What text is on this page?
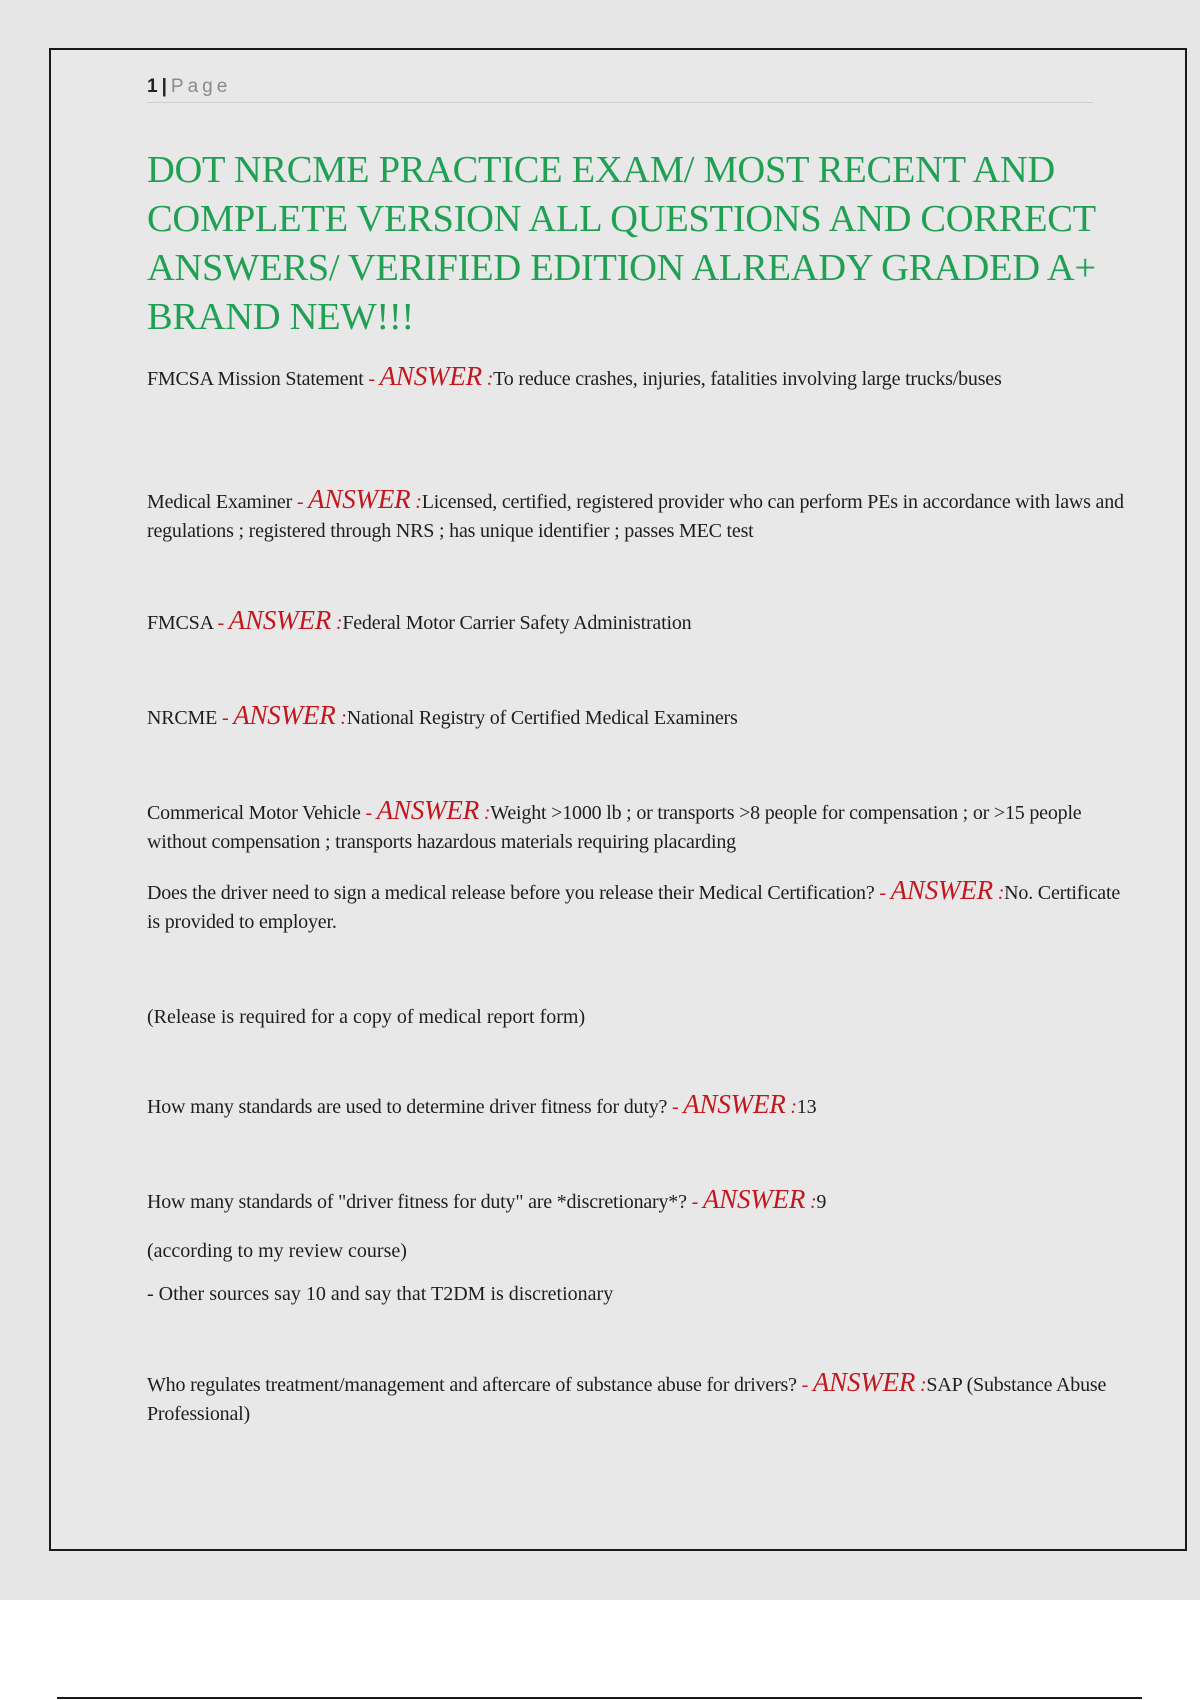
1 | Page
DOT NRCME PRACTICE EXAM/ MOST RECENT AND COMPLETE VERSION ALL QUESTIONS AND CORRECT ANSWERS/ VERIFIED EDITION ALREADY GRADED A+ BRAND NEW!!!

FMCSA Mission Statement - ANSWER :To reduce crashes, injuries, fatalities involving large trucks/buses

Medical Examiner - ANSWER :Licensed, certified, registered provider who can perform PEs in accordance with laws and regulations ; registered through NRS ; has unique identifier ; passes MEC test

FMCSA - ANSWER :Federal Motor Carrier Safety Administration

NRCME - ANSWER :National Registry of Certified Medical Examiners

Commerical Motor Vehicle - ANSWER :Weight >1000 lb ; or transports >8 people for compensation ; or >15 people without compensation ; transports hazardous materials requiring placarding

Does the driver need to sign a medical release before you release their Medical Certification? - ANSWER :No. Certificate is provided to employer.

(Release is required for a copy of medical report form)

How many standards are used to determine driver fitness for duty? - ANSWER :13

How many standards of "driver fitness for duty" are *discretionary*? - ANSWER :9

(according to my review course)

- Other sources say 10 and say that T2DM is discretionary

Who regulates treatment/management and aftercare of substance abuse for drivers? - ANSWER :SAP (Substance Abuse Professional)
